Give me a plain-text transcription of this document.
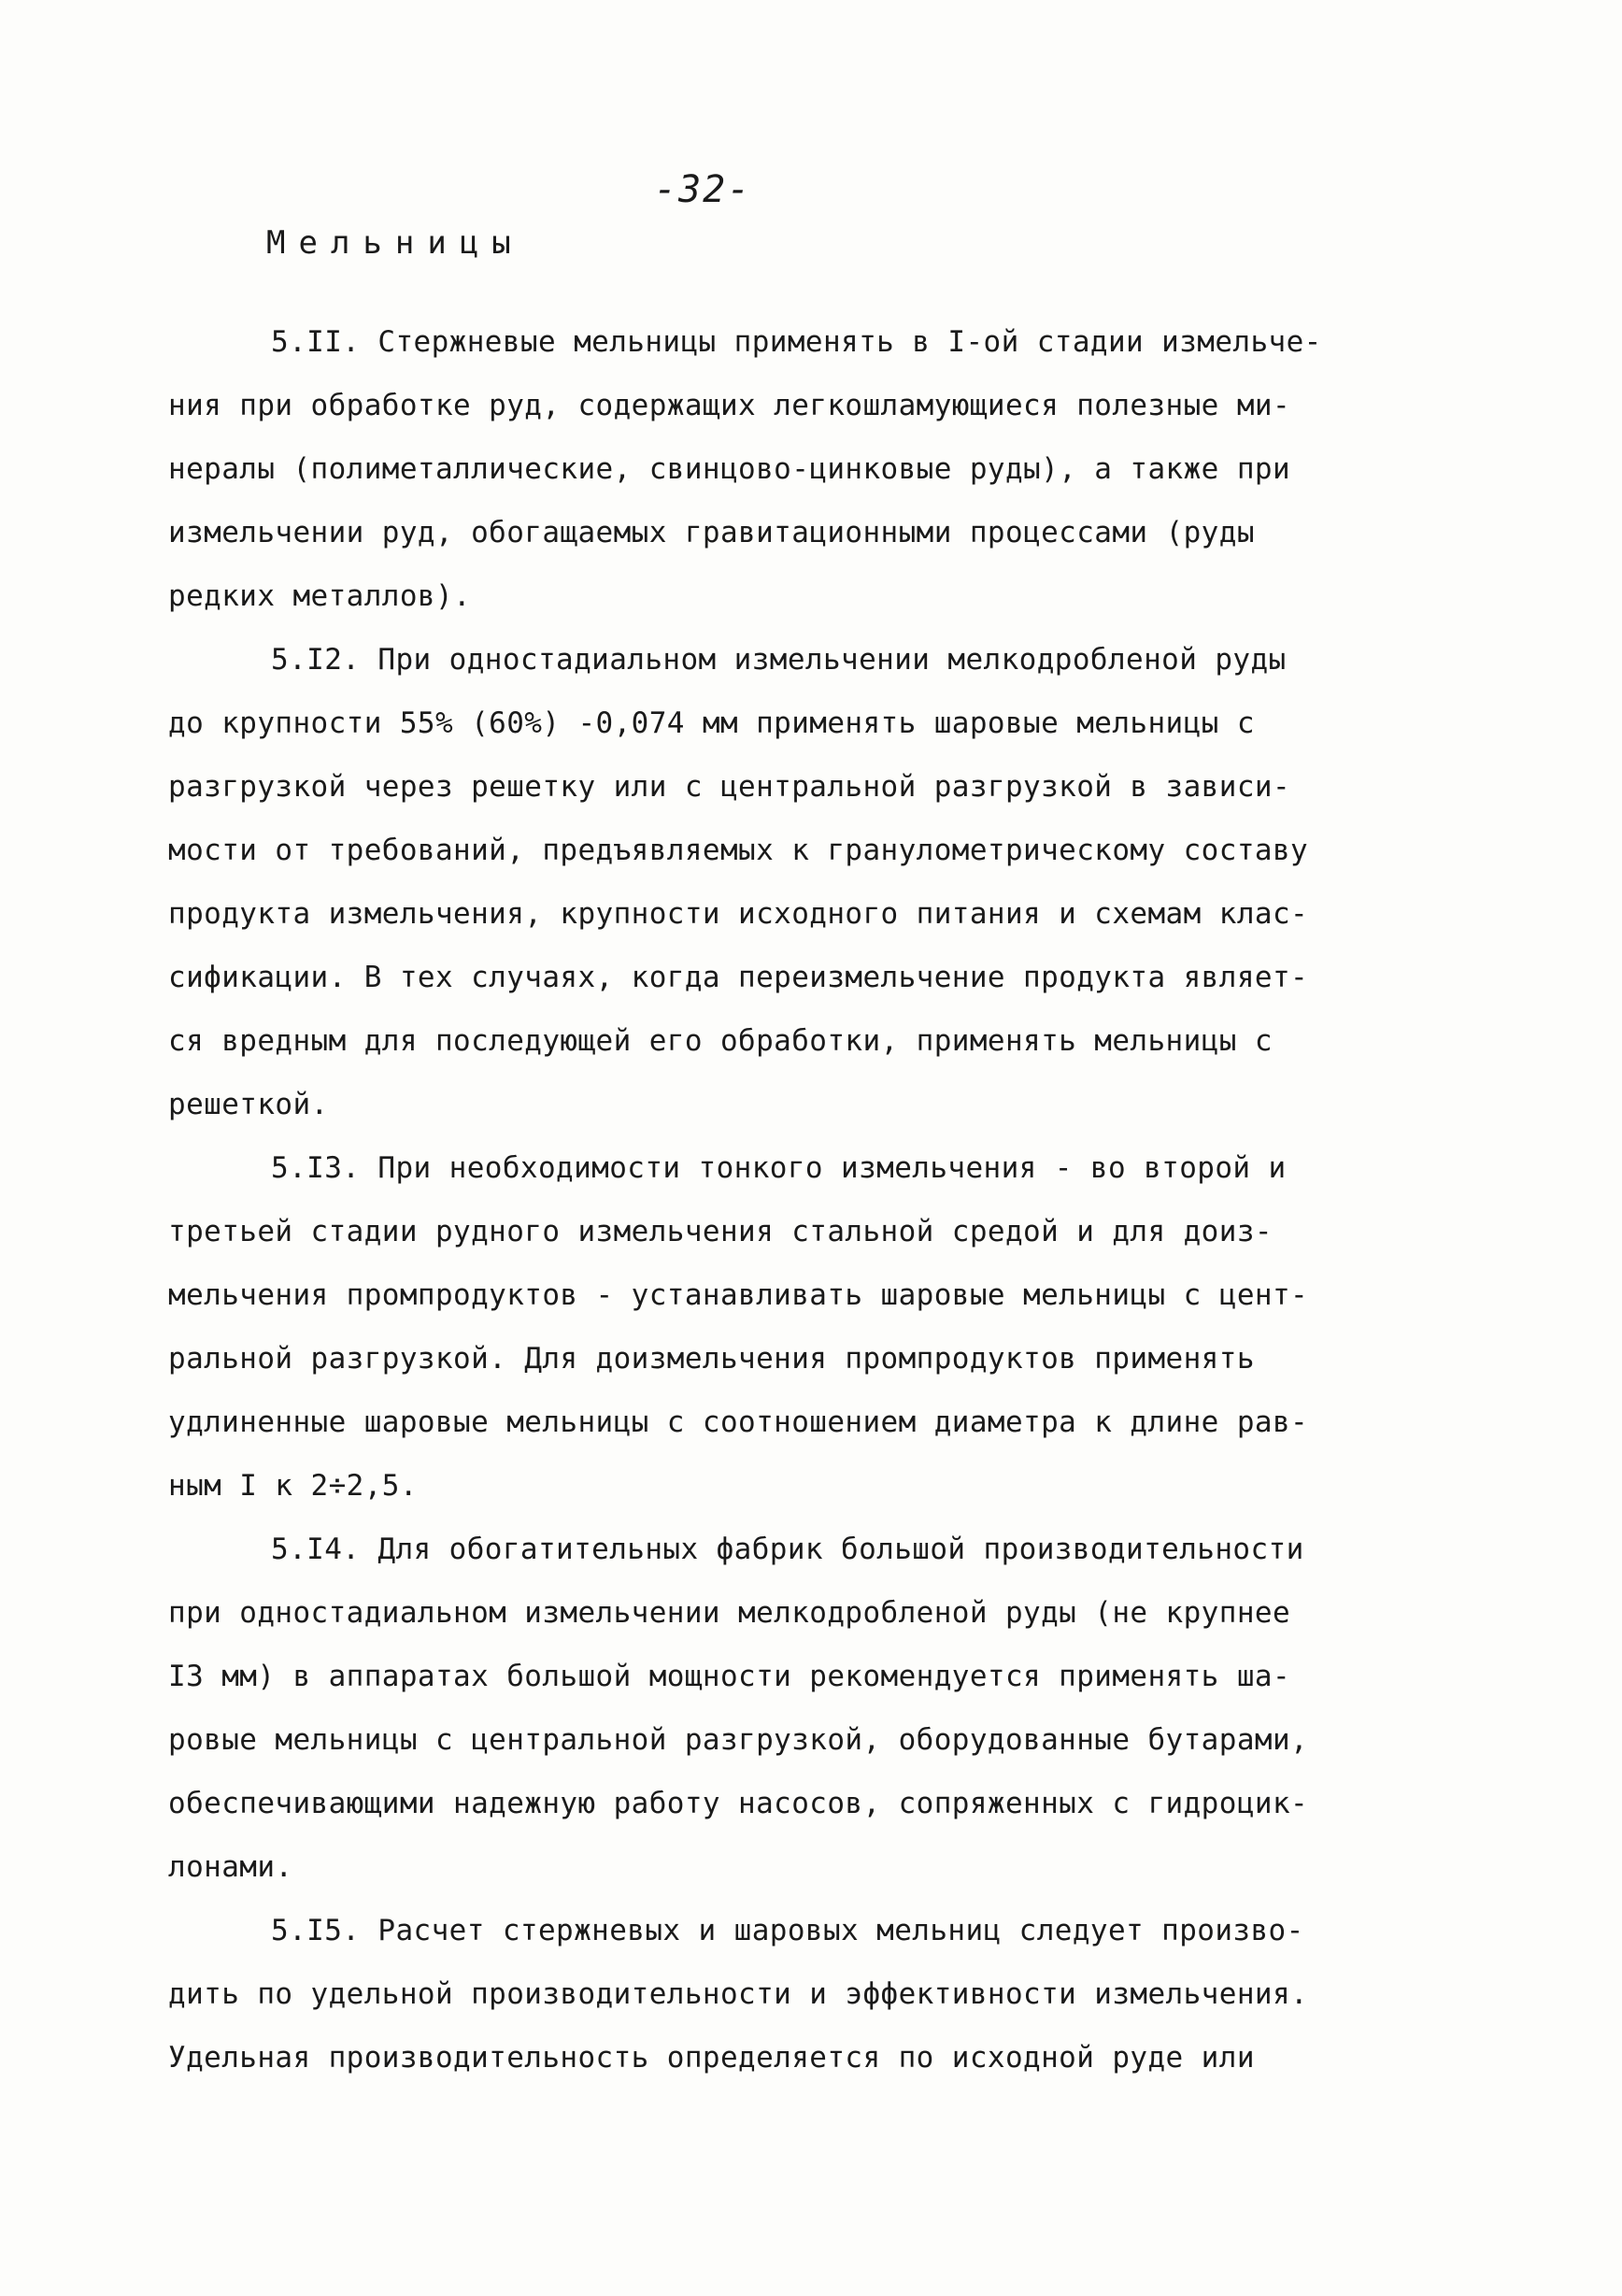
-32-
Мельницы
5.II. Стержневые мельницы применять в I-ой стадии измельче-
ния при обработке руд, содержащих легкошламующиеся полезные ми-
нералы (полиметаллические, свинцово-цинковые руды), а также при
измельчении руд, обогащаемых гравитационными процессами (руды
редких металлов).
5.I2. При одностадиальном измельчении мелкодробленой руды
до крупности 55% (60%) -0,074 мм применять шаровые мельницы с
разгрузкой через решетку или с центральной разгрузкой в зависи-
мости от требований, предъявляемых к гранулометрическому составу
продукта измельчения, крупности исходного питания и схемам клас-
сификации. В тех случаях, когда переизмельчение продукта являет-
ся вредным для последующей его обработки, применять мельницы с
решеткой.
5.I3. При необходимости тонкого измельчения - во второй и
третьей стадии рудного измельчения стальной средой и для доиз-
мельчения промпродуктов - устанавливать шаровые мельницы с цент-
ральной разгрузкой. Для доизмельчения промпродуктов применять
удлиненные шаровые мельницы с соотношением диаметра к длине рав-
ным I к 2÷2,5.
5.I4. Для обогатительных фабрик большой производительности
при одностадиальном измельчении мелкодробленой руды (не крупнее
I3 мм) в аппаратах большой мощности рекомендуется применять ша-
ровые мельницы с центральной разгрузкой, оборудованные бутарами,
обеспечивающими надежную работу насосов, сопряженных с гидроцик-
лонами.
5.I5. Расчет стержневых и шаровых мельниц следует произво-
дить по удельной производительности и эффективности измельчения.
Удельная производительность определяется по исходной руде или
